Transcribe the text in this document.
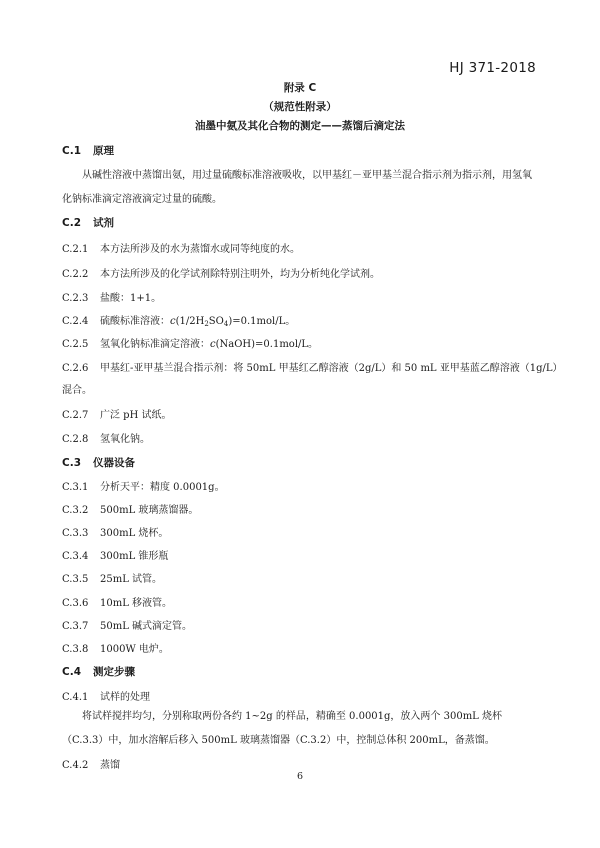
HJ 371-2018
附录 C
（规范性附录）
油墨中氨及其化合物的测定——蒸馏后滴定法
C.1 原理
从碱性溶液中蒸馏出氨，用过量硫酸标准溶液吸收，以甲基红－亚甲基兰混合指示剂为指示剂，用氢氧化钠标准滴定溶液滴定过量的硫酸。
C.2 试剂
C.2.1 本方法所涉及的水为蒸馏水或同等纯度的水。
C.2.2 本方法所涉及的化学试剂除特别注明外，均为分析纯化学试剂。
C.2.3 盐酸：1+1。
C.2.4 硫酸标准溶液：$c(1/2H_2SO_4)=0.1mol/L$。
C.2.5 氢氧化钠标准滴定溶液：c(NaOH)=0.1mol/L。
C.2.6 甲基红-亚甲基兰混合指示剂：将 50mL 甲基红乙醇溶液（2g/L）和 50 mL 亚甲基蓝乙醇溶液（1g/L）
混合。
C.2.7 广泛 pH 试纸。
C.2.8 氢氧化钠。
C.3 仪器设备
C.3.1 分析天平：精度 0.0001g。
C.3.2 500mL 玻璃蒸馏器。
C.3.3 300mL 烧杯。
C.3.4 300mL 锥形瓶
C.3.5 25mL 试管。
C.3.6 10mL 移液管。
C.3.7 50mL 碱式滴定管。
C.3.8 1000W 电炉。
C.4 测定步骤
C.4.1 试样的处理
将试样搅拌均匀，分别称取两份各约 1~2g 的样品，精确至 0.0001g，放入两个 300mL 烧杯（C.3.3）中，加水溶解后移入 500mL 玻璃蒸馏器（C.3.2）中，控制总体积 200mL，备蒸馏。
C.4.2 蒸馏
6
